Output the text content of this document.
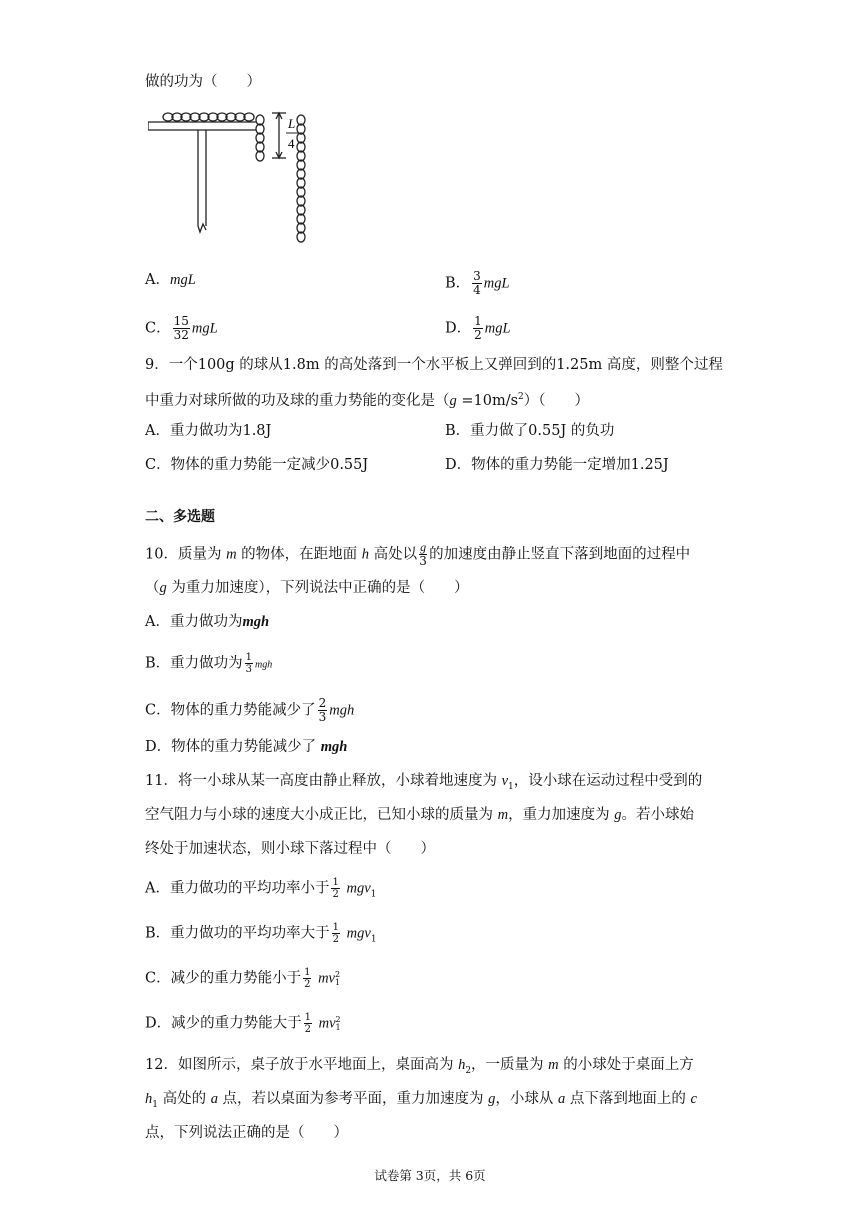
做的功为（　　）
L
4
A．mgL	B． $\frac{3}{4}$ mgL
C． $\frac{15}{32}$ mgL	D． $\frac{1}{2}$ mgL
9．一个100g 的球从1.8m 的高处落到一个水平板上又弹回到的1.25m 高度，则整个过程
中重力对球所做的功及球的重力势能的变化是$(g =10m/s^2)$（　　）
A．重力做功为1.8J	B．重力做了0.55J 的负功
C．物体的重力势能一定减少0.55J	D．物体的重力势能一定增加1.25J
二、多选题
10．质量为 m 的物体，在距地面 h 高处以 $\frac{g}{3}$ 的加速度由静止竖直下落到地面的过程中
（g 为重力加速度），下列说法中正确的是（　　）
A．重力做功为mgh
B．重力做功为 $\frac{1}{3}$ mgh
C．物体的重力势能减少了 $\frac{2}{3}$ mgh
D．物体的重力势能减少了 mgh
11．将一小球从某一高度由静止释放，小球着地速度为 $v_1$，设小球在运动过程中受到的
空气阻力与小球的速度大小成正比，已知小球的质量为 m，重力加速度为 g。若小球始
终处于加速状态，则小球下落过程中（　　）
A．重力做功的平均功率小于 $\frac{1}{2} mgv_1$
B．重力做功的平均功率大于 $\frac{1}{2} mgv_1$
C．减少的重力势能小于 $\frac{1}{2}$ mv 2
1
D．减少的重力势能大于 $\frac{1}{2}$ mv 2
1
12．如图所示，桌子放于水平地面上，桌面高为 $h_2$，一质量为 m 的小球处于桌面上方
$h_1$ 高处的 a 点，若以桌面为参考平面，重力加速度为 g，小球从 a 点下落到地面上的 c
点，下列说法正确的是（　　）
试卷第 3页，共 6页
